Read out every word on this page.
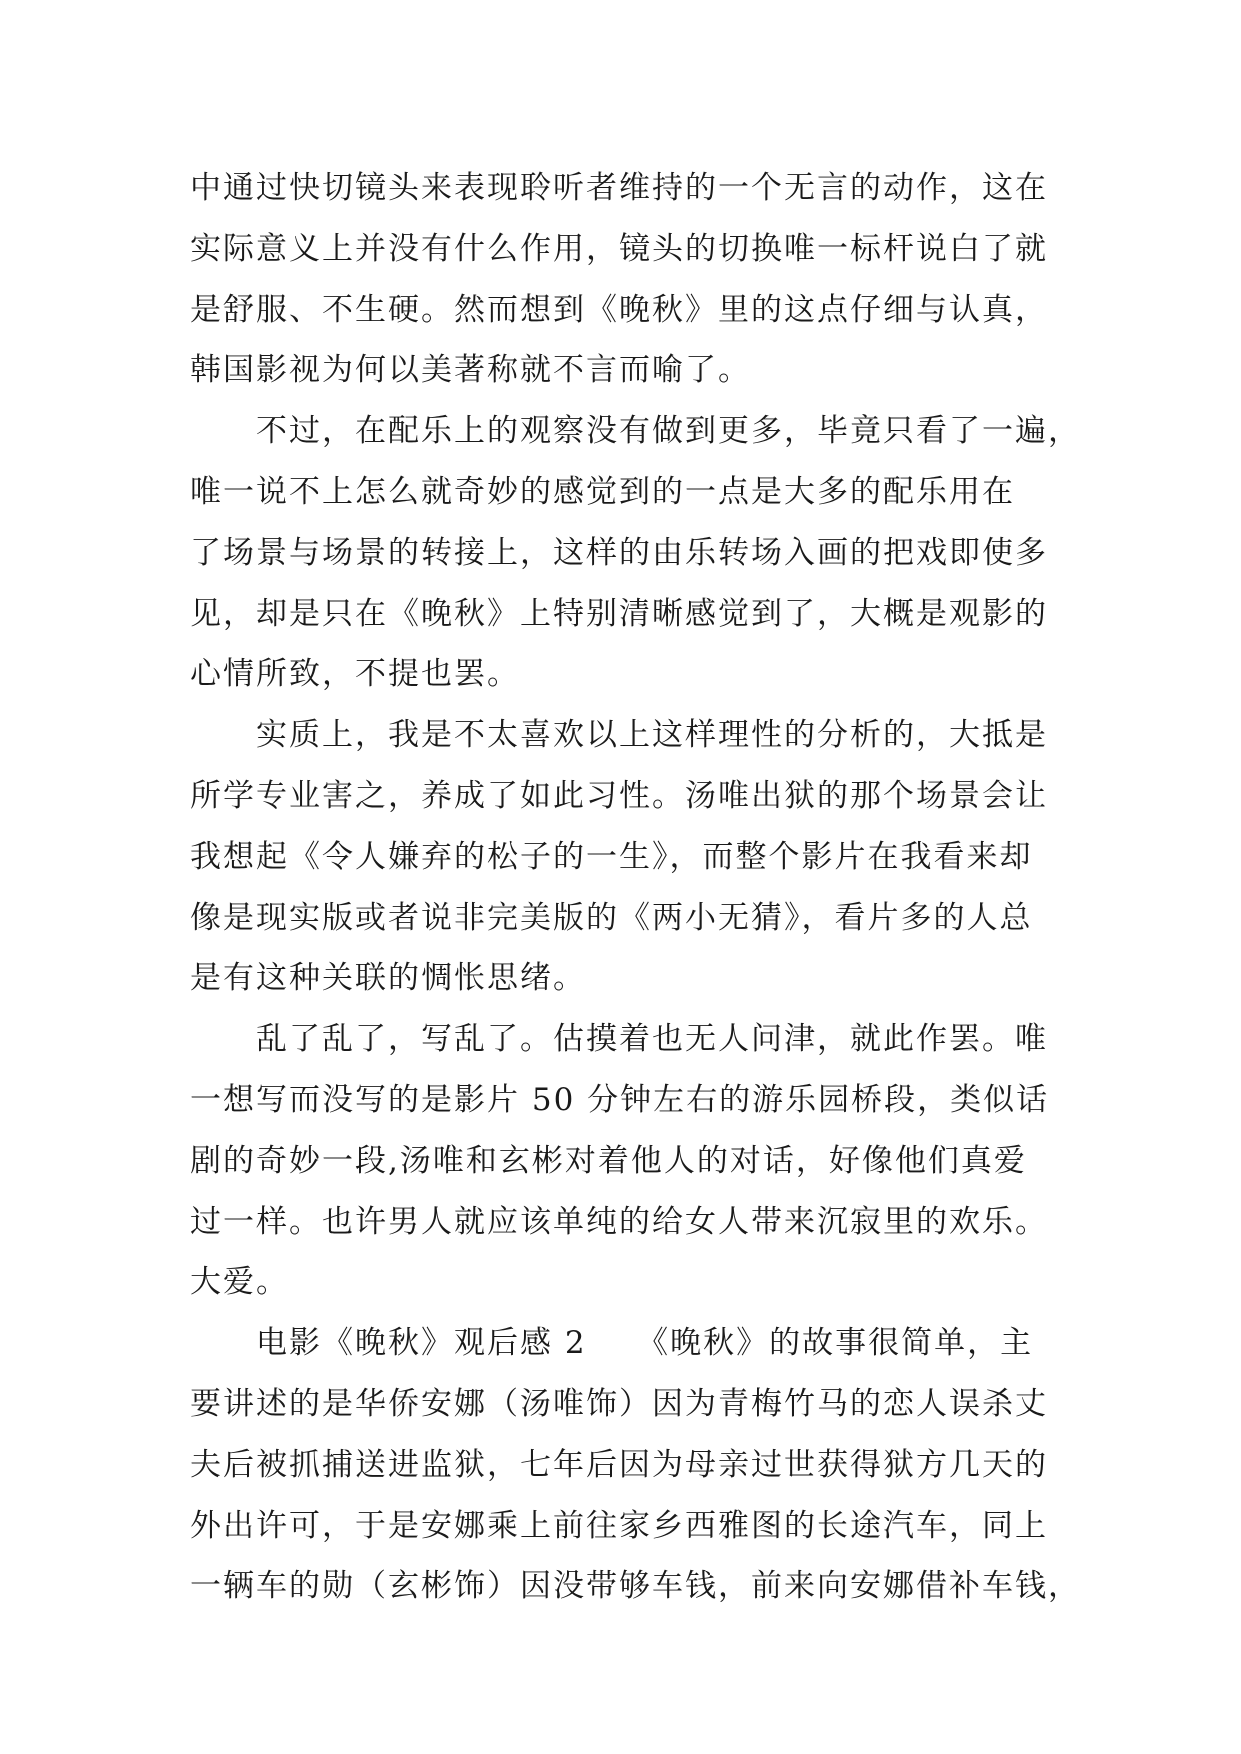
中通过快切镜头来表现聆听者维持的一个无言的动作，这在
实际意义上并没有什么作用，镜头的切换唯一标杆说白了就
是舒服、不生硬。然而想到《晚秋》里的这点仔细与认真，
韩国影视为何以美著称就不言而喻了。
不过，在配乐上的观察没有做到更多，毕竟只看了一遍，
唯一说不上怎么就奇妙的感觉到的一点是大多的配乐用在
了场景与场景的转接上，这样的由乐转场入画的把戏即使多
见，却是只在《晚秋》上特别清晰感觉到了，大概是观影的
心情所致，不提也罢。
实质上，我是不太喜欢以上这样理性的分析的，大抵是
所学专业害之，养成了如此习性。汤唯出狱的那个场景会让
我想起《令人嫌弃的松子的一生》，而整个影片在我看来却
像是现实版或者说非完美版的《两小无猜》，看片多的人总
是有这种关联的惆怅思绪。
乱了乱了，写乱了。估摸着也无人问津，就此作罢。唯
一想写而没写的是影片 50 分钟左右的游乐园桥段，类似话
剧的奇妙一段,汤唯和玄彬对着他人的对话，好像他们真爱
过一样。也许男人就应该单纯的给女人带来沉寂里的欢乐。
大爱。
电影《晚秋》观后感 2　　《晚秋》的故事很简单，主
要讲述的是华侨安娜（汤唯饰）因为青梅竹马的恋人误杀丈
夫后被抓捕送进监狱，七年后因为母亲过世获得狱方几天的
外出许可，于是安娜乘上前往家乡西雅图的长途汽车，同上
一辆车的勋（玄彬饰）因没带够车钱，前来向安娜借补车钱，
